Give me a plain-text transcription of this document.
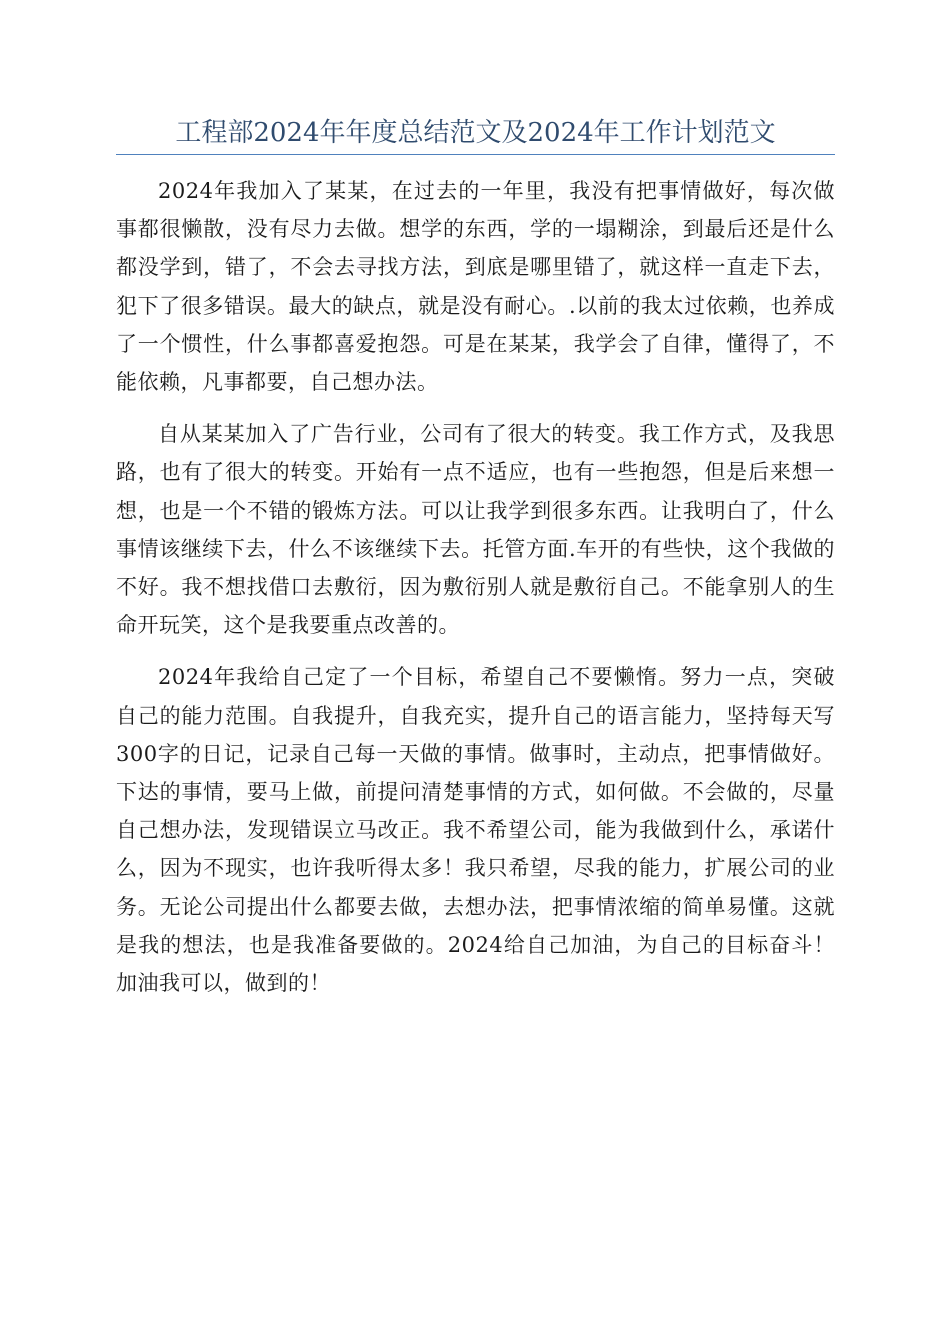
工程部2024年年度总结范文及2024年工作计划范文

2024年我加入了某某，在过去的一年里，我没有把事情做好，每次做事都很懒散，没有尽力去做。想学的东西，学的一塌糊涂，到最后还是什么都没学到，错了，不会去寻找方法，到底是哪里错了，就这样一直走下去，犯下了很多错误。最大的缺点，就是没有耐心。.以前的我太过依赖，也养成了一个惯性，什么事都喜爱抱怨。可是在某某，我学会了自律，懂得了，不能依赖，凡事都要，自己想办法。

自从某某加入了广告行业，公司有了很大的转变。我工作方式，及我思路，也有了很大的转变。开始有一点不适应，也有一些抱怨，但是后来想一想，也是一个不错的锻炼方法。可以让我学到很多东西。让我明白了，什么事情该继续下去，什么不该继续下去。托管方面.车开的有些快，这个我做的不好。我不想找借口去敷衍，因为敷衍别人就是敷衍自己。不能拿别人的生命开玩笑，这个是我要重点改善的。

2024年我给自己定了一个目标，希望自己不要懒惰。努力一点，突破自己的能力范围。自我提升，自我充实，提升自己的语言能力，坚持每天写300字的日记，记录自己每一天做的事情。做事时，主动点，把事情做好。下达的事情，要马上做，前提问清楚事情的方式，如何做。不会做的，尽量自己想办法，发现错误立马改正。我不希望公司，能为我做到什么，承诺什么，因为不现实，也许我听得太多！我只希望，尽我的能力，扩展公司的业务。无论公司提出什么都要去做，去想办法，把事情浓缩的简单易懂。这就是我的想法，也是我准备要做的。2024给自己加油，为自己的目标奋斗！加油我可以，做到的！
